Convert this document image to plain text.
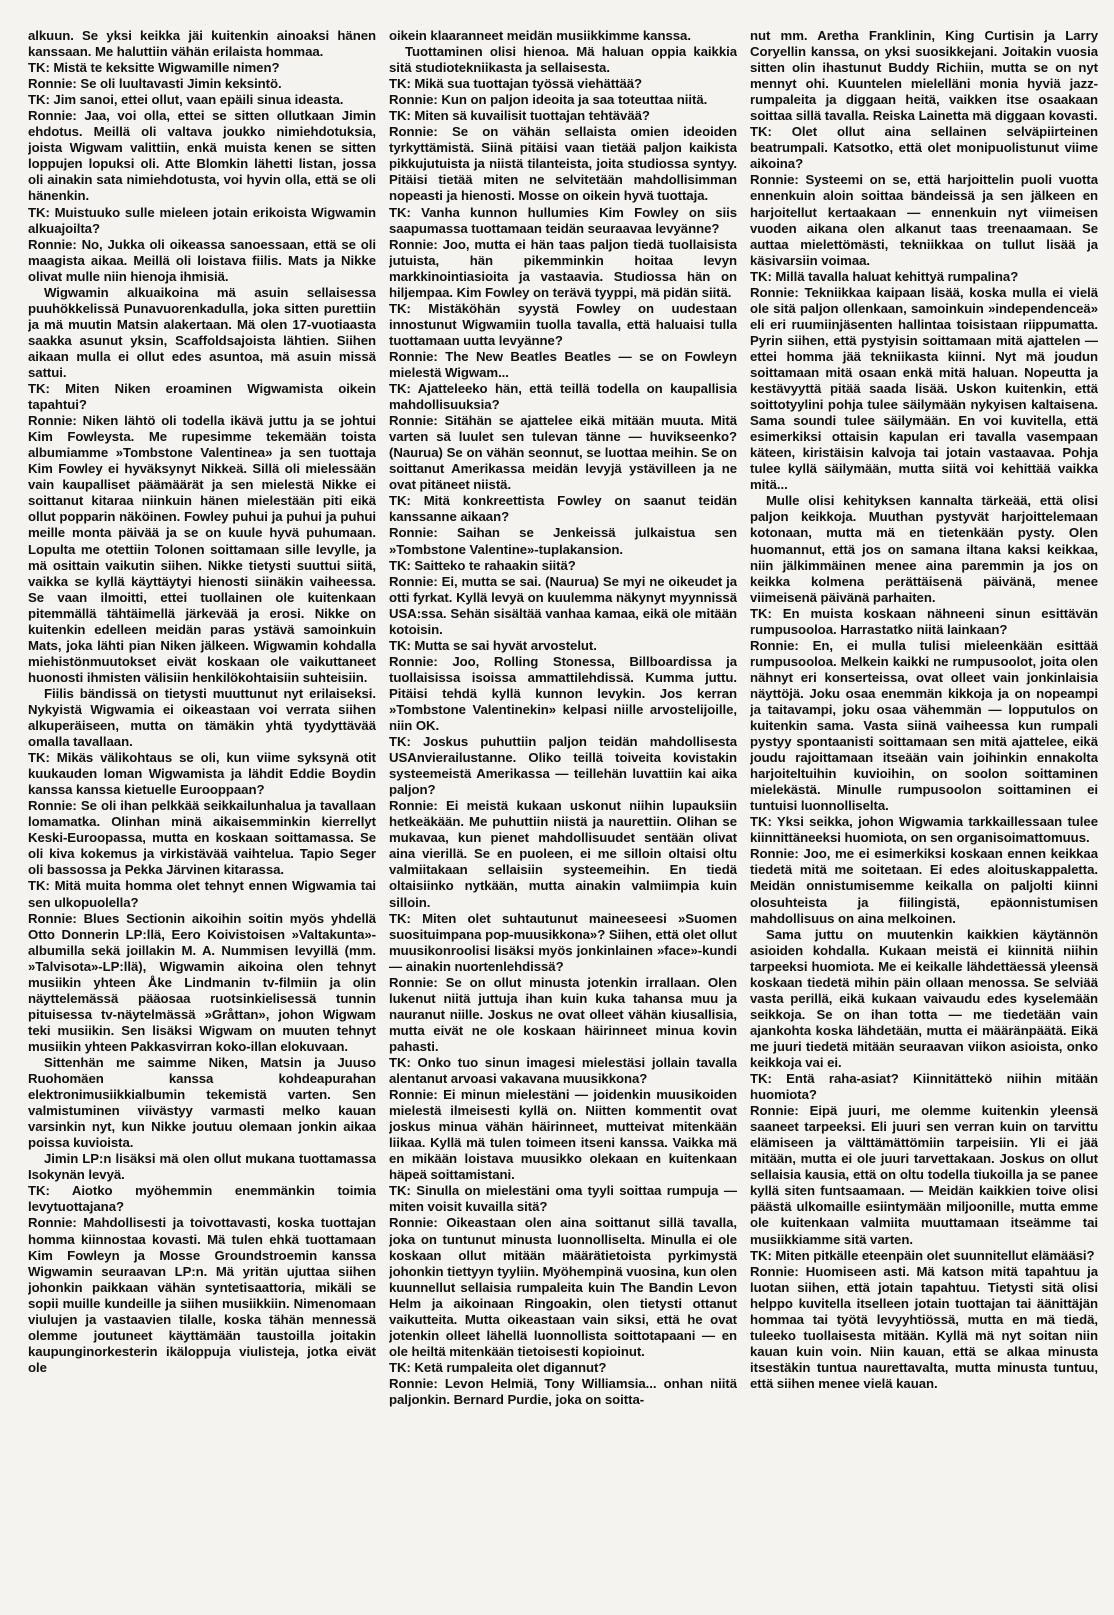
alkuun. Se yksi keikka jäi kuitenkin ainoaksi hänen kanssaan. Me haluttiin vähän erilaista hommaa.

TK: Mistä te keksitte Wigwamille nimen?

Ronnie: Se oli luultavasti Jimin keksintö.

TK: Jim sanoi, ettei ollut, vaan epäili sinua ideasta.

Ronnie: Jaa, voi olla, ettei se sitten ollutkaan Jimin ehdotus. Meillä oli valtava joukko nimiehdotuksia, joista Wigwam valittiin, enkä muista kenen se sitten loppujen lopuksi oli. Atte Blomkin lähetti listan, jossa oli ainakin sata nimiehdotusta, voi hyvin olla, että se oli hänenkin.

TK: Muistuuko sulle mieleen jotain erikoista Wigwamin alkuajoilta?

Ronnie: No, Jukka oli oikeassa sanoessaan, että se oli maagista aikaa. Meillä oli loistava fiilis. Mats ja Nikke olivat mulle niin hienoja ihmisiä.

Wigwamin alkuaikoina mä asuin sellaisessa puuhökkelissä Punavuorenkadulla, joka sitten purettiin ja mä muutin Matsin alakertaan. Mä olen 17-vuotiaasta saakka asunut yksin, Scaffoldsajoista lähtien. Siihen aikaan mulla ei ollut edes asuntoa, mä asuin missä sattui.

TK: Miten Niken eroaminen Wigwamista oikein tapahtui?

Ronnie: Niken lähtö oli todella ikävä juttu ja se johtui Kim Fowleysta. Me rupesimme tekemään toista albumiamme »Tombstone Valentinea» ja sen tuottaja Kim Fowley ei hyväksynyt Nikkeä. Sillä oli mielessään vain kaupalliset päämäärät ja sen mielestä Nikke ei soittanut kitaraa niinkuin hänen mielestään piti eikä ollut popparin näköinen. Fowley puhui ja puhui ja puhui meille monta päivää ja se on kuule hyvä puhumaan. Lopulta me otettiin Tolonen soittamaan sille levylle, ja mä osittain vaikutin siihen. Nikke tietysti suuttui siitä, vaikka se kyllä käyttäytyi hienosti siinäkin vaiheessa. Se vaan ilmoitti, ettei tuollainen ole kuitenkaan pitemmällä tähtäimellä järkevää ja erosi. Nikke on kuitenkin edelleen meidän paras ystävä samoinkuin Mats, joka lähti pian Niken jälkeen. Wigwamin kohdalla miehistönmuutokset eivät koskaan ole vaikuttaneet huonosti ihmisten välisiin henkilökohtaisiin suhteisiin.

Fiilis bändissä on tietysti muuttunut nyt erilaiseksi. Nykyistä Wigwamia ei oikeastaan voi verrata siihen alkuperäiseen, mutta on tämäkin yhtä tyydyttävää omalla tavallaan.

TK: Mikäs välikohtaus se oli, kun viime syksynä otit kuukauden loman Wigwamista ja lähdit Eddie Boydin kanssa kanssa kietuelle Eurooppaan?

Ronnie: Se oli ihan pelkkää seikkailunhalua ja tavallaan lomamatka. Olinhan minä aikaisemminkin kierrellyt Keski-Euroopassa, mutta en koskaan soittamassa. Se oli kiva kokemus ja virkistävää vaihtelua. Tapio Seger oli bassossa ja Pekka Järvinen kitarassa.

TK: Mitä muita homma olet tehnyt ennen Wigwamia tai sen ulkopuolella?

Ronnie: Blues Sectionin aikoihin soitin myös yhdellä Otto Donnerin LP:llä, Eero Koivistoisen »Valtakunta»-albumilla sekä joillakin M. A. Nummisen levyillä (mm. »Talvisota»-LP:llä), Wigwamin aikoina olen tehnyt musiikin yhteen Åke Lindmanin tv-filmiin ja olin näyttelemässä pääosaa ruotsinkielisessä tunnin pituisessa tv-näytelmässä »Gråttan», johon Wigwam teki musiikin. Sen lisäksi Wigwam on muuten tehnyt musiikin yhteen Pakkasvirran koko-illan elokuvaan.

Sittenhän me saimme Niken, Matsin ja Juuso Ruohomäen kanssa kohdeapurahan elektronimusiikkialbumin tekemistä varten. Sen valmistuminen viivästyy varmasti melko kauan varsinkin nyt, kun Nikke joutuu olemaan jonkin aikaa poissa kuvioista.

Jimin LP:n lisäksi mä olen ollut mukana tuottamassa Isokynän levyä.

TK: Aiotko myöhemmin enemmänkin toimia levytuottajana?

Ronnie: Mahdollisesti ja toivottavasti, koska tuottajan homma kiinnostaa kovasti. Mä tulen ehkä tuottamaan Kim Fowleyn ja Mosse Groundstroemin kanssa Wigwamin seuraavan LP:n. Mä yritän ujuttaa siihen johonkin paikkaan vähän syntetisaattoria, mikäli se sopii muille kundeille ja siihen musiikkiin. Nimenomaan viulujen ja vastaavien tilalle, koska tähän mennessä olemme joutuneet käyttämään taustoilla joitakin kaupunginorkesterin ikäloppuja viulisteja, jotka eivät ole

oikein klaaranneet meidän musiikkimme kanssa.

Tuottaminen olisi hienoa. Mä haluan oppia kaikkia sitä studiotekniikasta ja sellaisesta.

TK: Mikä sua tuottajan työssä viehättää?

Ronnie: Kun on paljon ideoita ja saa toteuttaa niitä.

TK: Miten sä kuvailisit tuottajan tehtävää?

Ronnie: Se on vähän sellaista omien ideoiden tyrkyttämistä. Siinä pitäisi vaan tietää paljon kaikista pikkujutuista ja niistä tilanteista, joita studiossa syntyy. Pitäisi tietää miten ne selvitetään mahdollisimman nopeasti ja hienosti. Mosse on oikein hyvä tuottaja.

TK: Vanha kunnon hullumies Kim Fowley on siis saapumassa tuottamaan teidän seuraavaa levyänne?

Ronnie: Joo, mutta ei hän taas paljon tiedä tuollaisista jutuista, hän pikemminkin hoitaa levyn markkinointiasioita ja vastaavia. Studiossa hän on hiljempaa. Kim Fowley on terävä tyyppi, mä pidän siitä.

TK: Mistäköhän syystä Fowley on uudestaan innostunut Wigwamiin tuolla tavalla, että haluaisi tulla tuottamaan uutta levyänne?

Ronnie: The New Beatles Beatles — se on Fowleyn mielestä Wigwam...

TK: Ajatteleeko hän, että teillä todella on kaupallisia mahdollisuuksia?

Ronnie: Sitähän se ajattelee eikä mitään muuta. Mitä varten sä luulet sen tulevan tänne — huvikseenko? (Naurua) Se on vähän seonnut, se luottaa meihin. Se on soittanut Amerikassa meidän levyjä ystävilleen ja ne ovat pitäneet niistä.

TK: Mitä konkreettista Fowley on saanut teidän kanssanne aikaan?

Ronnie: Saihan se Jenkeissä julkaistua sen »Tombstone Valentine»-tuplakansion.

TK: Saitteko te rahaakin siitä?

Ronnie: Ei, mutta se sai. (Naurua) Se myi ne oikeudet ja otti fyrkat. Kyllä levyä on kuulemma näkynyt myynnissä USA:ssa. Sehän sisältää vanhaa kamaa, eikä ole mitään kotoisin.

TK: Mutta se sai hyvät arvostelut.

Ronnie: Joo, Rolling Stonessa, Billboardissa ja tuollaisissa isoissa ammattilehdissä. Kumma juttu. Pitäisi tehdä kyllä kunnon levykin. Jos kerran »Tombstone Valentinekin» kelpasi niille arvostelijoille, niin OK.

TK: Joskus puhuttiin paljon teidän mahdollisesta USAnvierailustanne. Oliko teillä toiveita kovistakin systeemeistä Amerikassa — teillehän luvattiin kai aika paljon?

Ronnie: Ei meistä kukaan uskonut niihin lupauksiin hetkeäkään. Me puhuttiin niistä ja naurettiin. Olihan se mukavaa, kun pienet mahdollisuudet sentään olivat aina vierillä. Se en puoleen, ei me silloin oltaisi oltu valmiitakaan sellaisiin systeemeihin. En tiedä oltaisiinko nytkään, mutta ainakin valmiimpia kuin silloin.

TK: Miten olet suhtautunut maineeseesi »Suomen suosituimpana pop-muusikkona»? Siihen, että olet ollut muusikonroolisi lisäksi myös jonkinlainen »face»-kundi — ainakin nuortenlehdissä?

Ronnie: Se on ollut minusta jotenkin irrallaan. Olen lukenut niitä juttuja ihan kuin kuka tahansa muu ja nauranut niille. Joskus ne ovat olleet vähän kiusallisia, mutta eivät ne ole koskaan häirinneet minua kovin pahasti.

TK: Onko tuo sinun imagesi mielestäsi jollain tavalla alentanut arvoasi vakavana muusikkona?

Ronnie: Ei minun mielestäni — joidenkin muusikoiden mielestä ilmeisesti kyllä on. Niitten kommentit ovat joskus minua vähän häirinneet, mutteivat mitenkään liikaa. Kyllä mä tulen toimeen itseni kanssa. Vaikka mä en mikään loistava muusikko olekaan en kuitenkaan häpeä soittamistani.

TK: Sinulla on mielestäni oma tyyli soittaa rumpuja — miten voisit kuvailla sitä?

Ronnie: Oikeastaan olen aina soittanut sillä tavalla, joka on tuntunut minusta luonnolliselta. Minulla ei ole koskaan ollut mitään määrätietoista pyrkimystä johonkin tiettyyn tyyliin. Myöhempinä vuosina, kun olen kuunnellut sellaisia rumpaleita kuin The Bandin Levon Helm ja aikoinaan Ringoakin, olen tietysti ottanut vaikutteita. Mutta oikeastaan vain siksi, että he ovat jotenkin olleet lähellä luonnollista soittotapaani — en ole heiltä mitenkään tietoisesti kopioinut.

TK: Ketä rumpaleita olet digannut?

Ronnie: Levon Helmiä, Tony Williamsia... onhan niitä paljonkin. Bernard Purdie, joka on soitta-

nut mm. Aretha Franklinin, King Curtisin ja Larry Coryellin kanssa, on yksi suosikkejani. Joitakin vuosia sitten olin ihastunut Buddy Richiin, mutta se on nyt mennyt ohi. Kuuntelen mielelläni monia hyviä jazz-rumpaleita ja diggaan heitä, vaikken itse osaakaan soittaa sillä tavalla. Reiska Lainetta mä diggaan kovasti.

TK: Olet ollut aina sellainen selväpiirteinen beatrumpali. Katsotko, että olet monipuolistunut viime aikoina?

Ronnie: Systeemi on se, että harjoittelin puoli vuotta ennenkuin aloin soittaa bändeissä ja sen jälkeen en harjoitellut kertaakaan — ennenkuin nyt viimeisen vuoden aikana olen alkanut taas treenaamaan. Se auttaa mielettömästi, tekniikkaa on tullut lisää ja käsivarsiin voimaa.

TK: Millä tavalla haluat kehittyä rumpalina?

Ronnie: Tekniikkaa kaipaan lisää, koska mulla ei vielä ole sitä paljon ollenkaan, samoinkuin »independenceä» eli eri ruumiinjäsenten hallintaa toisistaan riippumatta. Pyrin siihen, että pystyisin soittamaan mitä ajattelen — ettei homma jää tekniikasta kiinni. Nyt mä joudun soittamaan mitä osaan enkä mitä haluan. Nopeutta ja kestävyyttä pitää saada lisää. Uskon kuitenkin, että soittotyylini pohja tulee säilymään nykyisen kaltaisena. Sama soundi tulee säilymään. En voi kuvitella, että esimerkiksi ottaisin kapulan eri tavalla vasempaan käteen, kiristäisin kalvoja tai jotain vastaavaa. Pohja tulee kyllä säilymään, mutta siitä voi kehittää vaikka mitä...

Mulle olisi kehityksen kannalta tärkeää, että olisi paljon keikkoja. Muuthan pystyvät harjoittelemaan kotonaan, mutta mä en tietenkään pysty. Olen huomannut, että jos on samana iltana kaksi keikkaa, niin jälkimmäinen menee aina paremmin ja jos on keikka kolmena perättäisenä päivänä, menee viimeisenä päivänä parhaiten.

TK: En muista koskaan nähneeni sinun esittävän rumpusooloa. Harrastatko niitä lainkaan?

Ronnie: En, ei mulla tulisi mieleenkään esittää rumpusooloa. Melkein kaikki ne rumpusoolot, joita olen nähnyt eri konserteissa, ovat olleet vain jonkinlaisia näyttöjä. Joku osaa enemmän kikkoja ja on nopeampi ja taitavampi, joku osaa vähemmän — lopputulos on kuitenkin sama. Vasta siinä vaiheessa kun rumpali pystyy spontaanisti soittamaan sen mitä ajattelee, eikä joudu rajoittamaan itseään vain joihinkin ennakolta harjoiteltuihin kuvioihin, on soolon soittaminen mielekästä. Minulle rumpusoolon soittaminen ei tuntuisi luonnolliselta.

TK: Yksi seikka, johon Wigwamia tarkkaillessaan tulee kiinnittäneeksi huomiota, on sen organisoimattomuus.

Ronnie: Joo, me ei esimerkiksi koskaan ennen keikkaa tiedetä mitä me soitetaan. Ei edes aloituskappaletta. Meidän onnistumisemme keikalla on paljolti kiinni olosuhteista ja fiilingistä, epäonnistumisen mahdollisuus on aina melkoinen.

Sama juttu on muutenkin kaikkien käytännön asioiden kohdalla. Kukaan meistä ei kiinnitä niihin tarpeeksi huomiota. Me ei keikalle lähdettäessä yleensä koskaan tiedetä mihin päin ollaan menossa. Se selviää vasta perillä, eikä kukaan vaivaudu edes kyselemään seikkoja. Se on ihan totta — me tiedetään vain ajankohta koska lähdetään, mutta ei määränpäätä. Eikä me juuri tiedetä mitään seuraavan viikon asioista, onko keikkoja vai ei.

TK: Entä raha-asiat? Kiinnitättekö niihin mitään huomiota?

Ronnie: Eipä juuri, me olemme kuitenkin yleensä saaneet tarpeeksi. Eli juuri sen verran kuin on tarvittu elämiseen ja välttämättömiin tarpeisiin. Yli ei jää mitään, mutta ei ole juuri tarvettakaan. Joskus on ollut sellaisia kausia, että on oltu todella tiukoilla ja se panee kyllä siten funtsaamaan. — Meidän kaikkien toive olisi päästä ulkomaille esiintymään miljoonille, mutta emme ole kuitenkaan valmiita muuttamaan itseämme tai musiikkiamme sitä varten.

TK: Miten pitkälle eteenpäin olet suunnitellut elämääsi?

Ronnie: Huomiseen asti. Mä katson mitä tapahtuu ja luotan siihen, että jotain tapahtuu. Tietysti sitä olisi helppo kuvitella itselleen jotain tuottajan tai äänittäjän hommaa tai työtä levyyhtiössä, mutta en mä tiedä, tuleeko tuollaisesta mitään. Kyllä mä nyt soitan niin kauan kuin voin. Niin kauan, että se alkaa minusta itsestäkin tuntua naurettavalta, mutta minusta tuntuu, että siihen menee vielä kauan.
